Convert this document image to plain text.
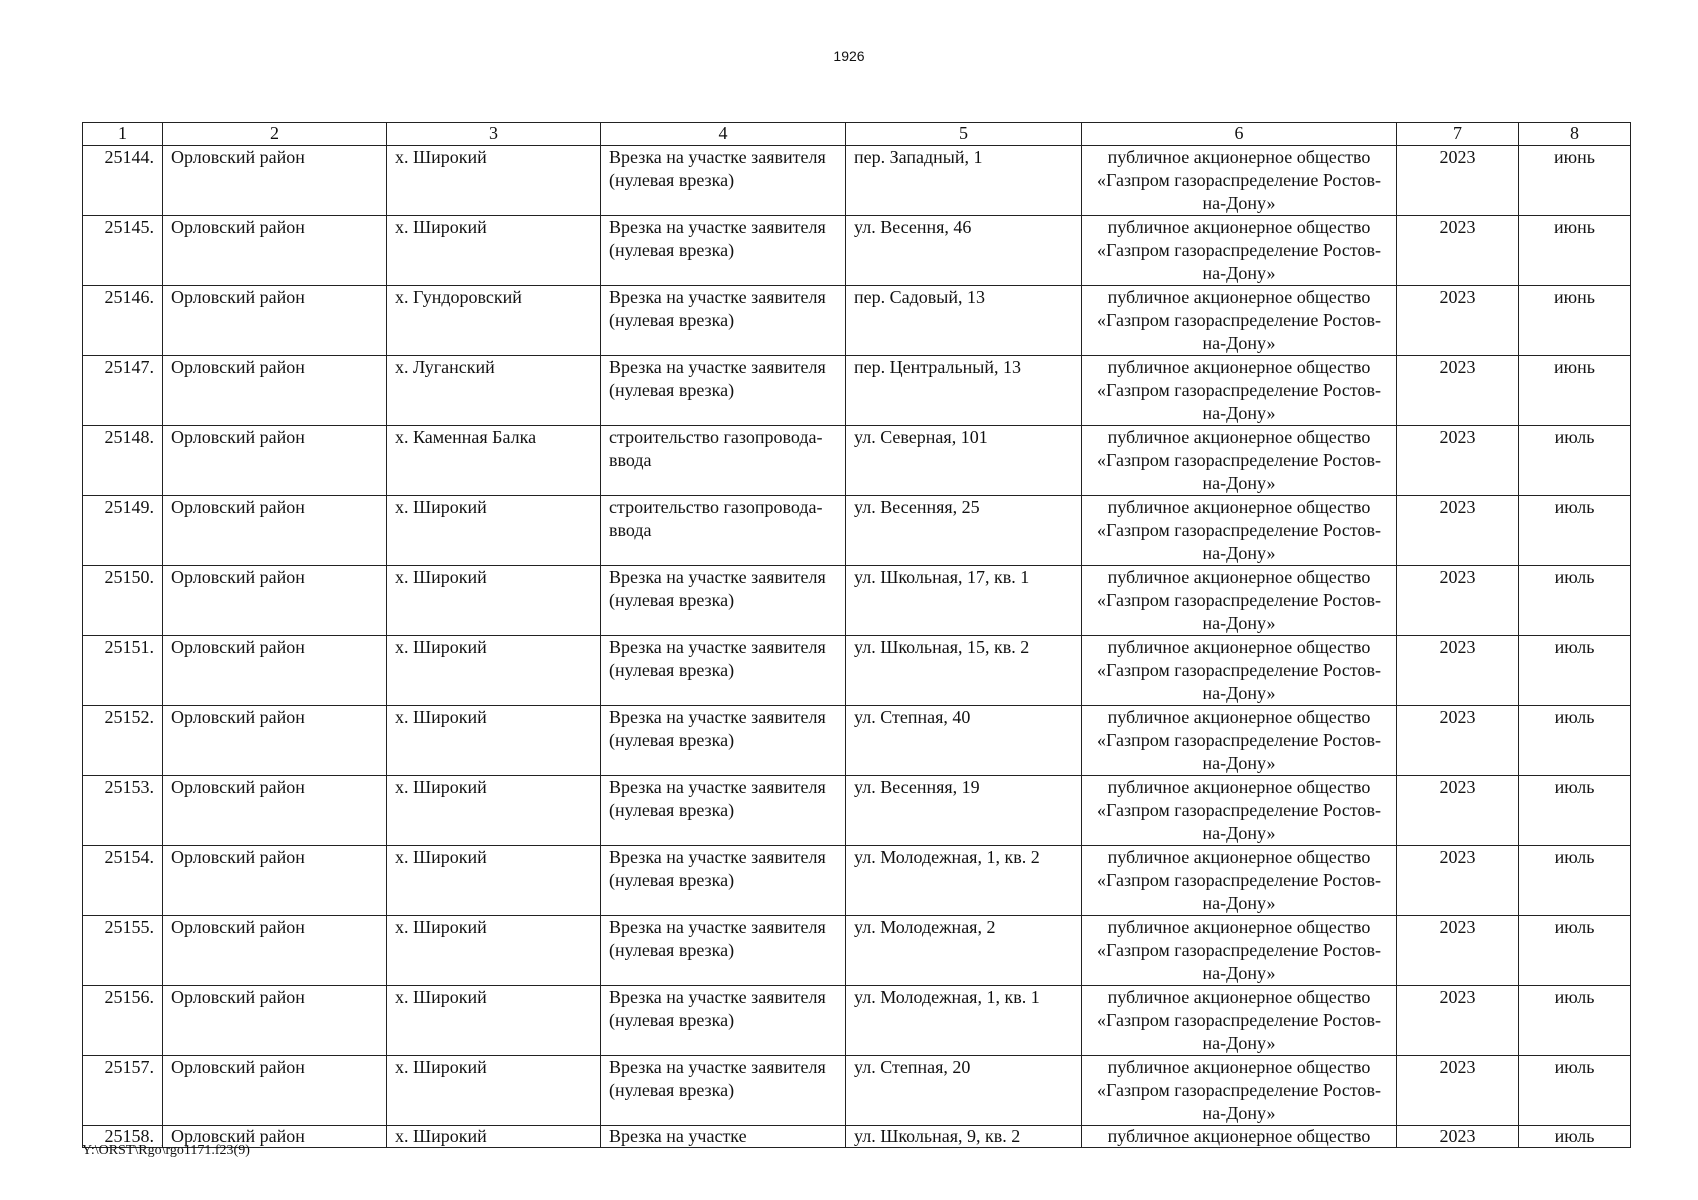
1926
1	2	3	4	5	6	7	8
25144.	Орловский район	х. Широкий	Врезка на участке заявителя (нулевая врезка)	пер. Западный, 1	публичное акционерное общество «Газпром газораспределение Ростов-на-Дону»	2023	июнь
25145.	Орловский район	х. Широкий	Врезка на участке заявителя (нулевая врезка)	ул. Весення, 46	публичное акционерное общество «Газпром газораспределение Ростов-на-Дону»	2023	июнь
25146.	Орловский район	х. Гундоровский	Врезка на участке заявителя (нулевая врезка)	пер. Садовый, 13	публичное акционерное общество «Газпром газораспределение Ростов-на-Дону»	2023	июнь
25147.	Орловский район	х. Луганский	Врезка на участке заявителя (нулевая врезка)	пер. Центральный, 13	публичное акционерное общество «Газпром газораспределение Ростов-на-Дону»	2023	июнь
25148.	Орловский район	х. Каменная Балка	строительство газопровода-ввода	ул. Северная, 101	публичное акционерное общество «Газпром газораспределение Ростов-на-Дону»	2023	июль
25149.	Орловский район	х. Широкий	строительство газопровода-ввода	ул. Весенняя, 25	публичное акционерное общество «Газпром газораспределение Ростов-на-Дону»	2023	июль
25150.	Орловский район	х. Широкий	Врезка на участке заявителя (нулевая врезка)	ул. Школьная, 17, кв. 1	публичное акционерное общество «Газпром газораспределение Ростов-на-Дону»	2023	июль
25151.	Орловский район	х. Широкий	Врезка на участке заявителя (нулевая врезка)	ул. Школьная, 15, кв. 2	публичное акционерное общество «Газпром газораспределение Ростов-на-Дону»	2023	июль
25152.	Орловский район	х. Широкий	Врезка на участке заявителя (нулевая врезка)	ул. Степная, 40	публичное акционерное общество «Газпром газораспределение Ростов-на-Дону»	2023	июль
25153.	Орловский район	х. Широкий	Врезка на участке заявителя (нулевая врезка)	ул. Весенняя, 19	публичное акционерное общество «Газпром газораспределение Ростов-на-Дону»	2023	июль
25154.	Орловский район	х. Широкий	Врезка на участке заявителя (нулевая врезка)	ул. Молодежная, 1, кв. 2	публичное акционерное общество «Газпром газораспределение Ростов-на-Дону»	2023	июль
25155.	Орловский район	х. Широкий	Врезка на участке заявителя (нулевая врезка)	ул. Молодежная, 2	публичное акционерное общество «Газпром газораспределение Ростов-на-Дону»	2023	июль
25156.	Орловский район	х. Широкий	Врезка на участке заявителя (нулевая врезка)	ул. Молодежная, 1, кв. 1	публичное акционерное общество «Газпром газораспределение Ростов-на-Дону»	2023	июль
25157.	Орловский район	х. Широкий	Врезка на участке заявителя (нулевая врезка)	ул. Степная, 20	публичное акционерное общество «Газпром газораспределение Ростов-на-Дону»	2023	июль
25158.	Орловский район	х. Широкий	Врезка на участке	ул. Школьная, 9, кв. 2	публичное акционерное общество	2023	июль
Y:\ORST\Rgo\rgo1171.f23(9)
